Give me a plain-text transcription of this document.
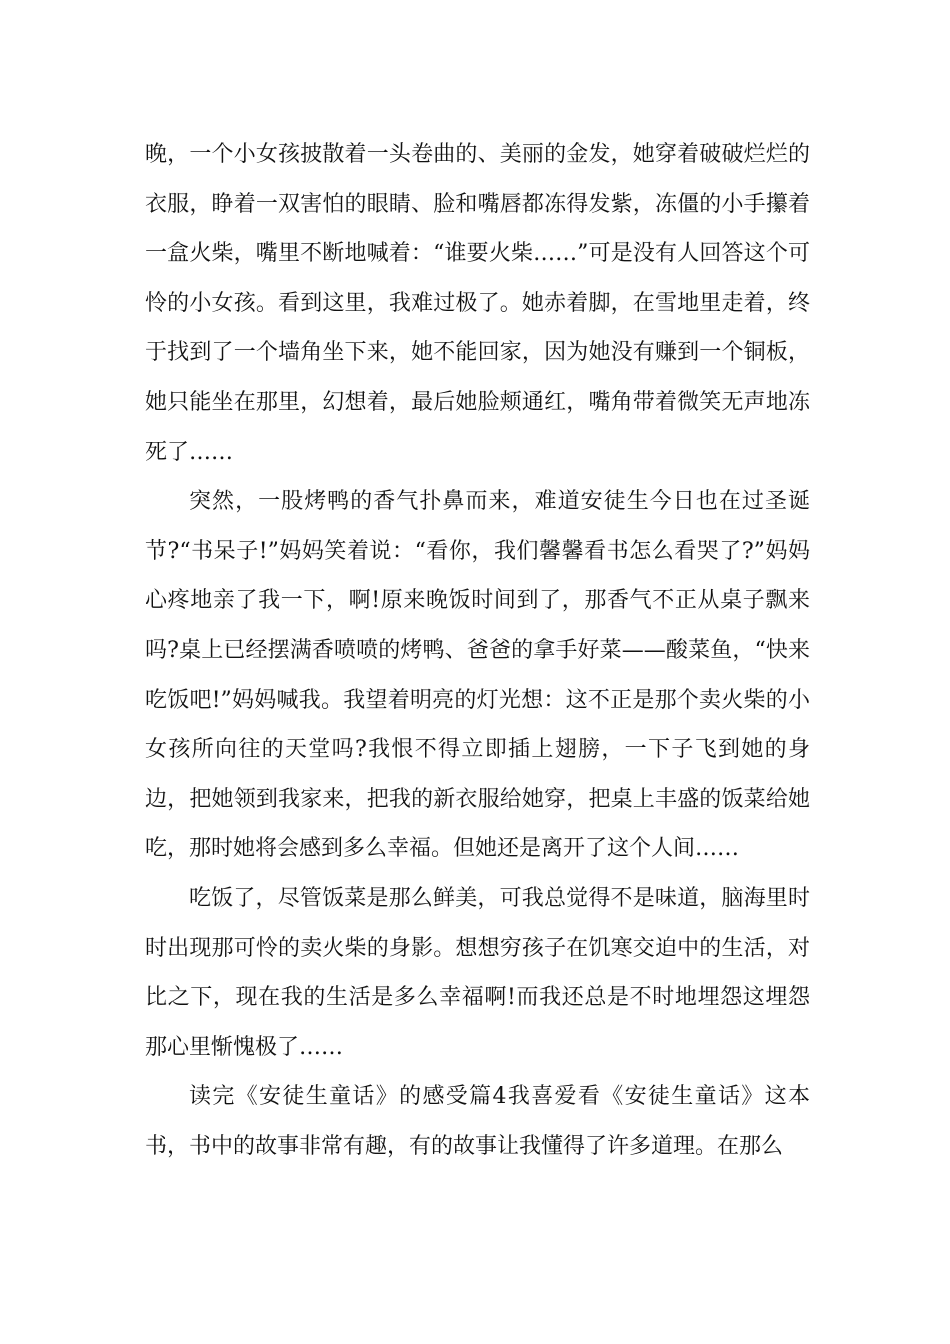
晚，一个小女孩披散着一头卷曲的、美丽的金发，她穿着破破烂烂的衣服，睁着一双害怕的眼睛、脸和嘴唇都冻得发紫，冻僵的小手攥着一盒火柴，嘴里不断地喊着：“谁要火柴……”可是没有人回答这个可怜的小女孩。看到这里，我难过极了。她赤着脚，在雪地里走着，终于找到了一个墙角坐下来，她不能回家，因为她没有赚到一个铜板，她只能坐在那里，幻想着，最后她脸颊通红，嘴角带着微笑无声地冻死了……

突然，一股烤鸭的香气扑鼻而来，难道安徒生今日也在过圣诞节?“书呆子!”妈妈笑着说：“看你，我们馨馨看书怎么看哭了?”妈妈心疼地亲了我一下，啊!原来晚饭时间到了，那香气不正从桌子飘来吗?桌上已经摆满香喷喷的烤鸭、爸爸的拿手好菜——酸菜鱼，“快来吃饭吧!”妈妈喊我。我望着明亮的灯光想：这不正是那个卖火柴的小女孩所向往的天堂吗?我恨不得立即插上翅膀，一下子飞到她的身边，把她领到我家来，把我的新衣服给她穿，把桌上丰盛的饭菜给她吃，那时她将会感到多么幸福。但她还是离开了这个人间……

吃饭了，尽管饭菜是那么鲜美，可我总觉得不是味道，脑海里时时出现那可怜的卖火柴的身影。想想穷孩子在饥寒交迫中的生活，对比之下，现在我的生活是多么幸福啊!而我还总是不时地埋怨这埋怨那心里惭愧极了……

读完《安徒生童话》的感受篇4我喜爱看《安徒生童话》这本书，书中的故事非常有趣，有的故事让我懂得了许多道理。在那么
